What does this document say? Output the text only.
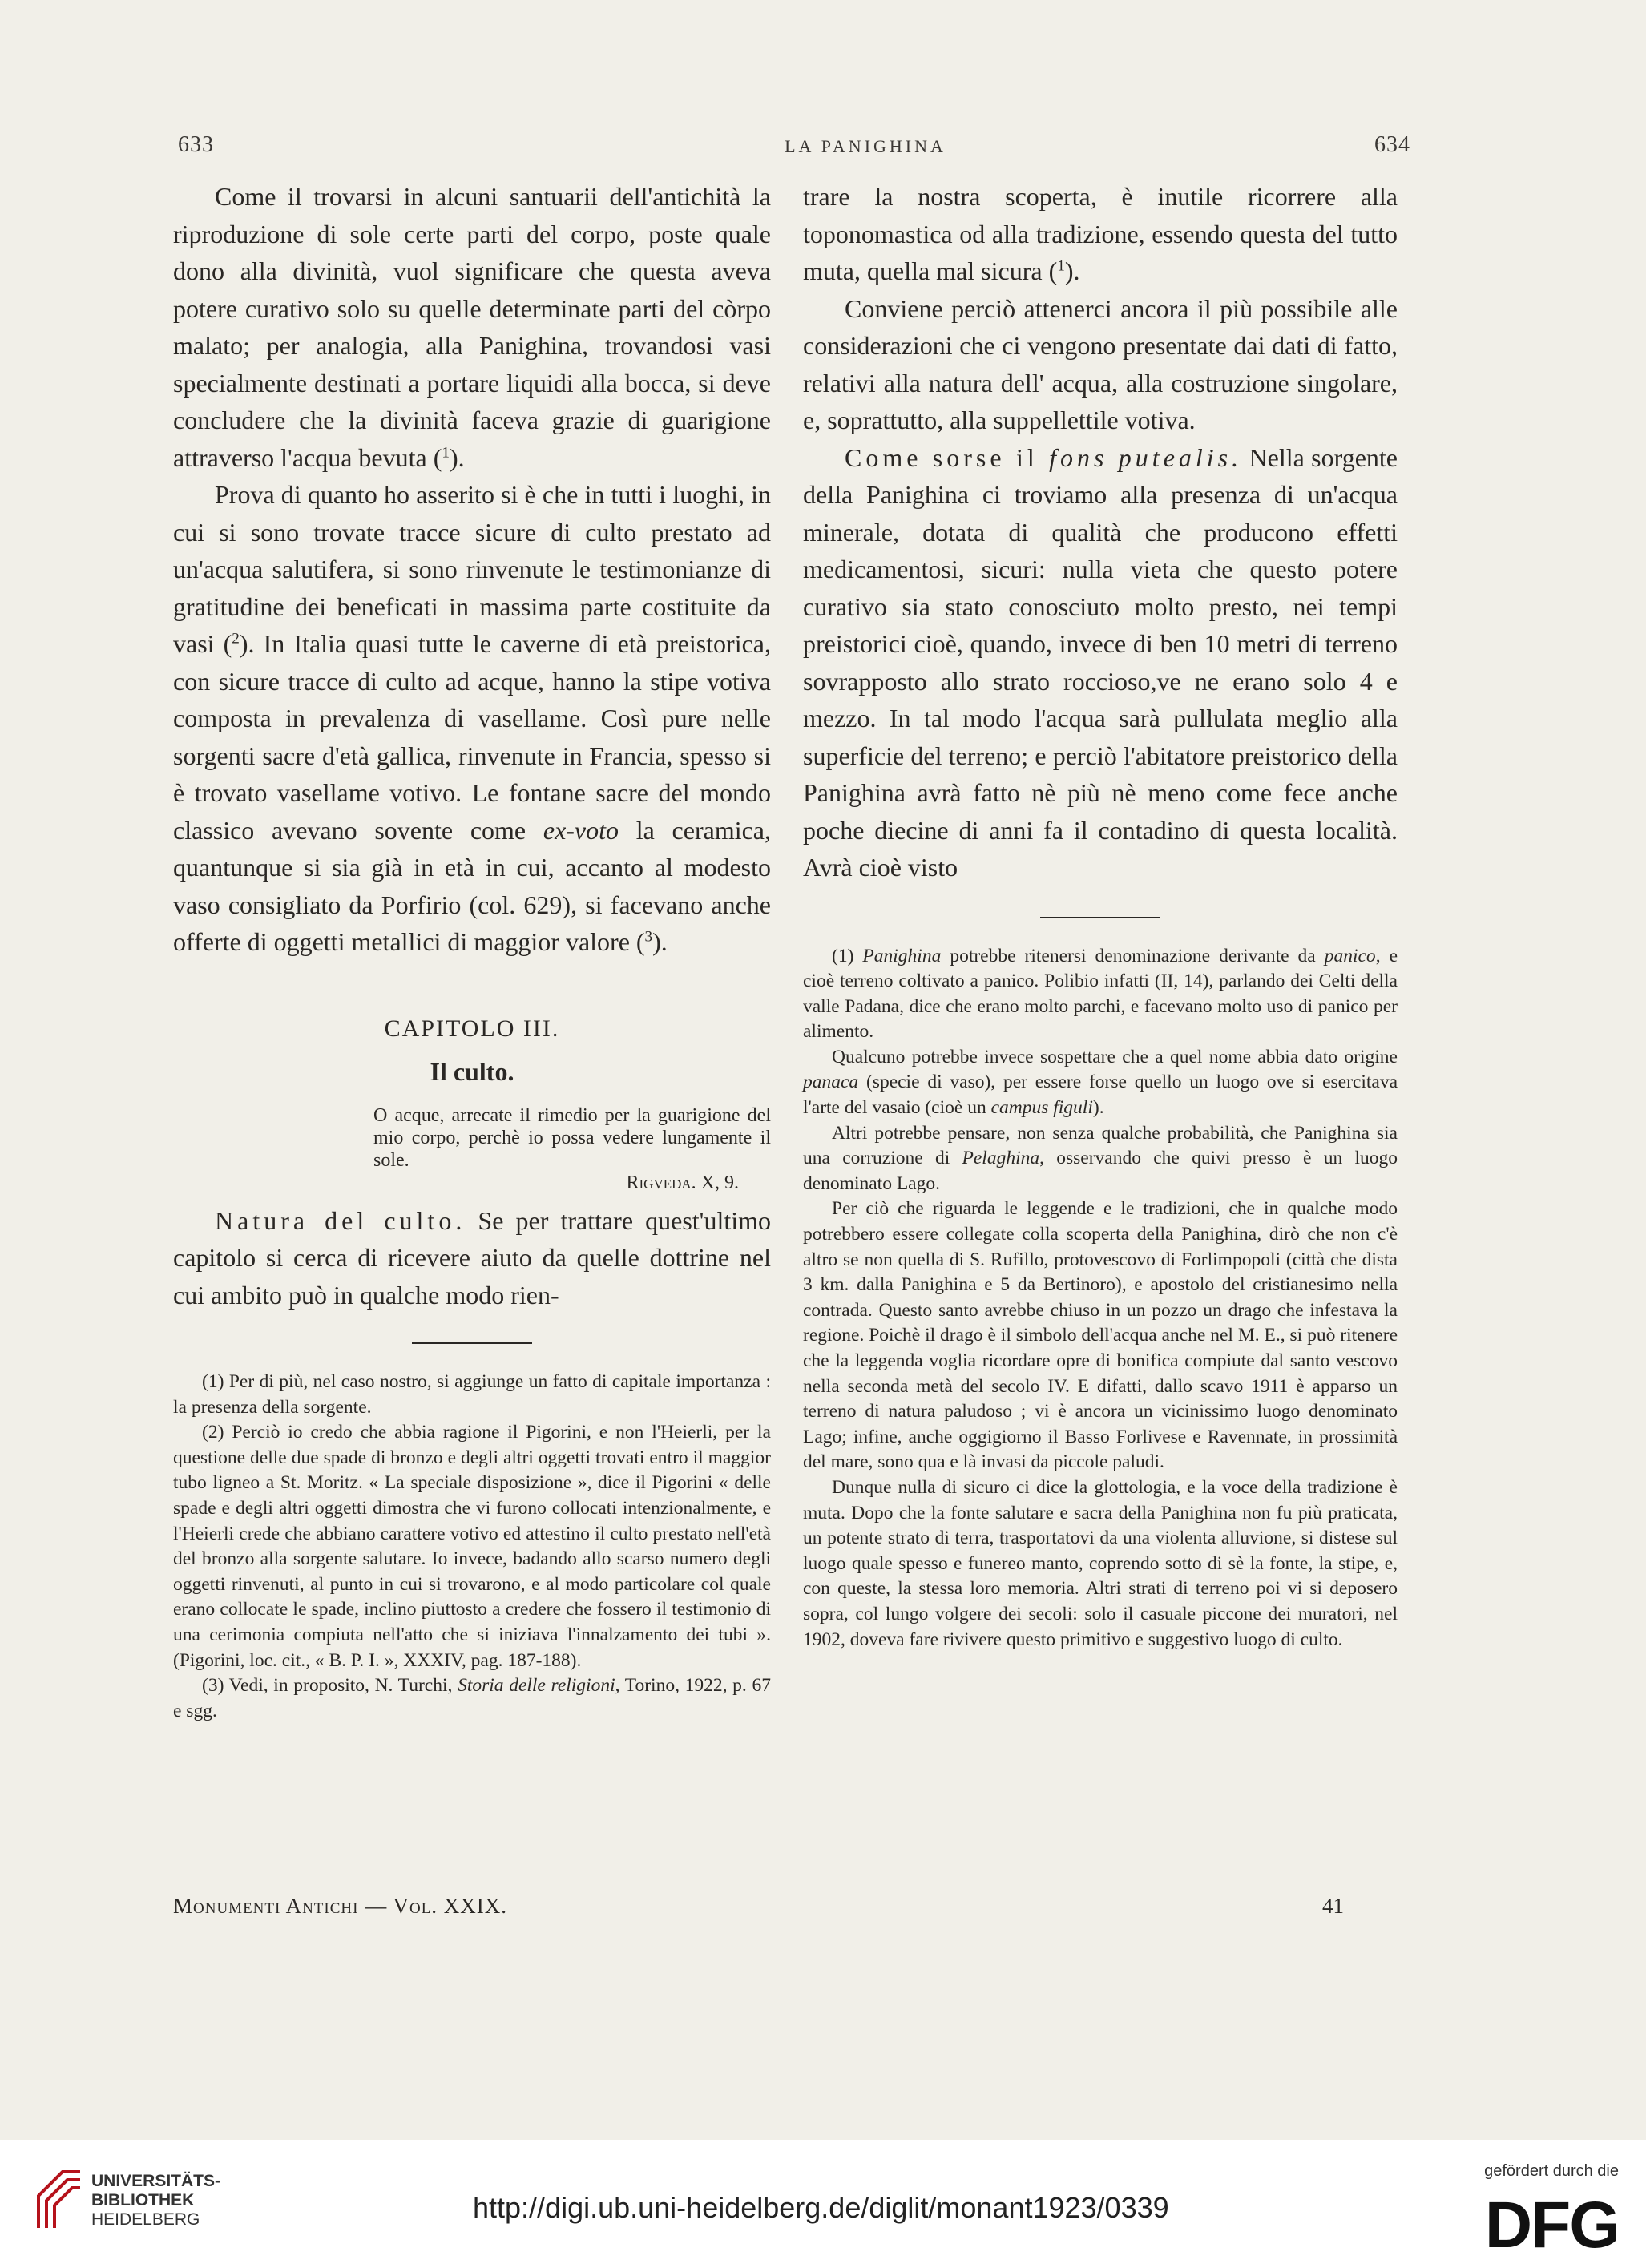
633	LA PANIGHINA	634

Come il trovarsi in alcuni santuarii dell'antichità la riproduzione di sole certe parti del corpo, poste quale dono alla divinità, vuol significare che questa aveva potere curativo solo su quelle determinate parti del còrpo malato; per analogia, alla Panighina, trovandosi vasi specialmente destinati a portare liquidi alla bocca, si deve concludere che la divinità faceva grazie di guarigione attraverso l'acqua bevuta ($^1$).

Prova di quanto ho asserito si è che in tutti i luoghi, in cui si sono trovate tracce sicure di culto prestato ad un'acqua salutifera, si sono rinvenute le testimonianze di gratitudine dei beneficati in massima parte costituite da vasi ($^2$). In Italia quasi tutte le caverne di età preistorica, con sicure tracce di culto ad acque, hanno la stipe votiva composta in prevalenza di vasellame. Così pure nelle sorgenti sacre d'età gallica, rinvenute in Francia, spesso si è trovato vasellame votivo. Le fontane sacre del mondo classico avevano sovente come ex-voto la ceramica, quantunque si sia già in età in cui, accanto al modesto vaso consigliato da Porfirio (col. 629), si facevano anche offerte di oggetti metallici di maggior valore ($^3$).

CAPITOLO III.
Il culto.
O acque, arrecate il rimedio per la guarigione del mio corpo, perchè io possa vedere lungamente il sole.
Rigveda. X, 9.

Natura del culto. Se per trattare quest'ultimo capitolo si cerca di ricevere aiuto da quelle dottrine nel cui ambito può in qualche modo rien-

(1) Per di più, nel caso nostro, si aggiunge un fatto di capitale importanza : la presenza della sorgente.

(2) Perciò io credo che abbia ragione il Pigorini, e non l'Heierli, per la questione delle due spade di bronzo e degli altri oggetti trovati entro il maggior tubo ligneo a St. Moritz. « La speciale disposizione », dice il Pigorini « delle spade e degli altri oggetti dimostra che vi furono collocati intenzionalmente, e l'Heierli crede che abbiano carattere votivo ed attestino il culto prestato nell'età del bronzo alla sorgente salutare. Io invece, badando allo scarso numero degli oggetti rinvenuti, al punto in cui si trovarono, e al modo particolare col quale erano collocate le spade, inclino piuttosto a credere che fossero il testimonio di una cerimonia compiuta nell'atto che si iniziava l'innalzamento dei tubi ». (Pigorini, loc. cit., « B. P. I. », XXXIV, pag. 187-188).

(3) Vedi, in proposito, N. Turchi, Storia delle religioni, Torino, 1922, p. 67 e sgg.

trare la nostra scoperta, è inutile ricorrere alla toponomastica od alla tradizione, essendo questa del tutto muta, quella mal sicura ($^1$).

Conviene perciò attenerci ancora il più possibile alle considerazioni che ci vengono presentate dai dati di fatto, relativi alla natura dell' acqua, alla costruzione singolare, e, soprattutto, alla suppellettile votiva.

Come sorse il fons putealis. Nella sorgente della Panighina ci troviamo alla presenza di un'acqua minerale, dotata di qualità che producono effetti medicamentosi, sicuri: nulla vieta che questo potere curativo sia stato conosciuto molto presto, nei tempi preistorici cioè, quando, invece di ben 10 metri di terreno sovrapposto allo strato roccioso,ve ne erano solo 4 e mezzo. In tal modo l'acqua sarà pullulata meglio alla superficie del terreno; e perciò l'abitatore preistorico della Panighina avrà fatto nè più nè meno come fece anche poche diecine di anni fa il contadino di questa località. Avrà cioè visto

(1) Panighina potrebbe ritenersi denominazione derivante da panico, e cioè terreno coltivato a panico. Polibio infatti (II, 14), parlando dei Celti della valle Padana, dice che erano molto parchi, e facevano molto uso di panico per alimento.

Qualcuno potrebbe invece sospettare che a quel nome abbia dato origine panaca (specie di vaso), per essere forse quello un luogo ove si esercitava l'arte del vasaio (cioè un campus figuli).

Altri potrebbe pensare, non senza qualche probabilità, che Panighina sia una corruzione di Pelaghina, osservando che quivi presso è un luogo denominato Lago.

Per ciò che riguarda le leggende e le tradizioni, che in qualche modo potrebbero essere collegate colla scoperta della Panighina, dirò che non c'è altro se non quella di S. Rufillo, protovescovo di Forlimpopoli (città che dista 3 km. dalla Panighina e 5 da Bertinoro), e apostolo del cristianesimo nella contrada. Questo santo avrebbe chiuso in un pozzo un drago che infestava la regione. Poichè il drago è il simbolo dell'acqua anche nel M. E., si può ritenere che la leggenda voglia ricordare opre di bonifica compiute dal santo vescovo nella seconda metà del secolo IV. E difatti, dallo scavo 1911 è apparso un terreno di natura paludoso ; vi è ancora un vicinissimo luogo denominato Lago; infine, anche oggigiorno il Basso Forlivese e Ravennate, in prossimità del mare, sono qua e là invasi da piccole paludi.

Dunque nulla di sicuro ci dice la glottologia, e la voce della tradizione è muta. Dopo che la fonte salutare e sacra della Panighina non fu più praticata, un potente strato di terra, trasportatovi da una violenta alluvione, si distese sul luogo quale spesso e funereo manto, coprendo sotto di sè la fonte, la stipe, e, con queste, la stessa loro memoria. Altri strati di terreno poi vi si deposero sopra, col lungo volgere dei secoli: solo il casuale piccone dei muratori, nel 1902, doveva fare rivivere questo primitivo e suggestivo luogo di culto.

Monumenti Antichi — Vol. XXIX.	41
UNIVERSITÄTS-
BIBLIOTHEK
HEIDELBERG	http://digi.ub.uni-heidelberg.de/diglit/monant1923/0339
gefördert durch die
DFG
